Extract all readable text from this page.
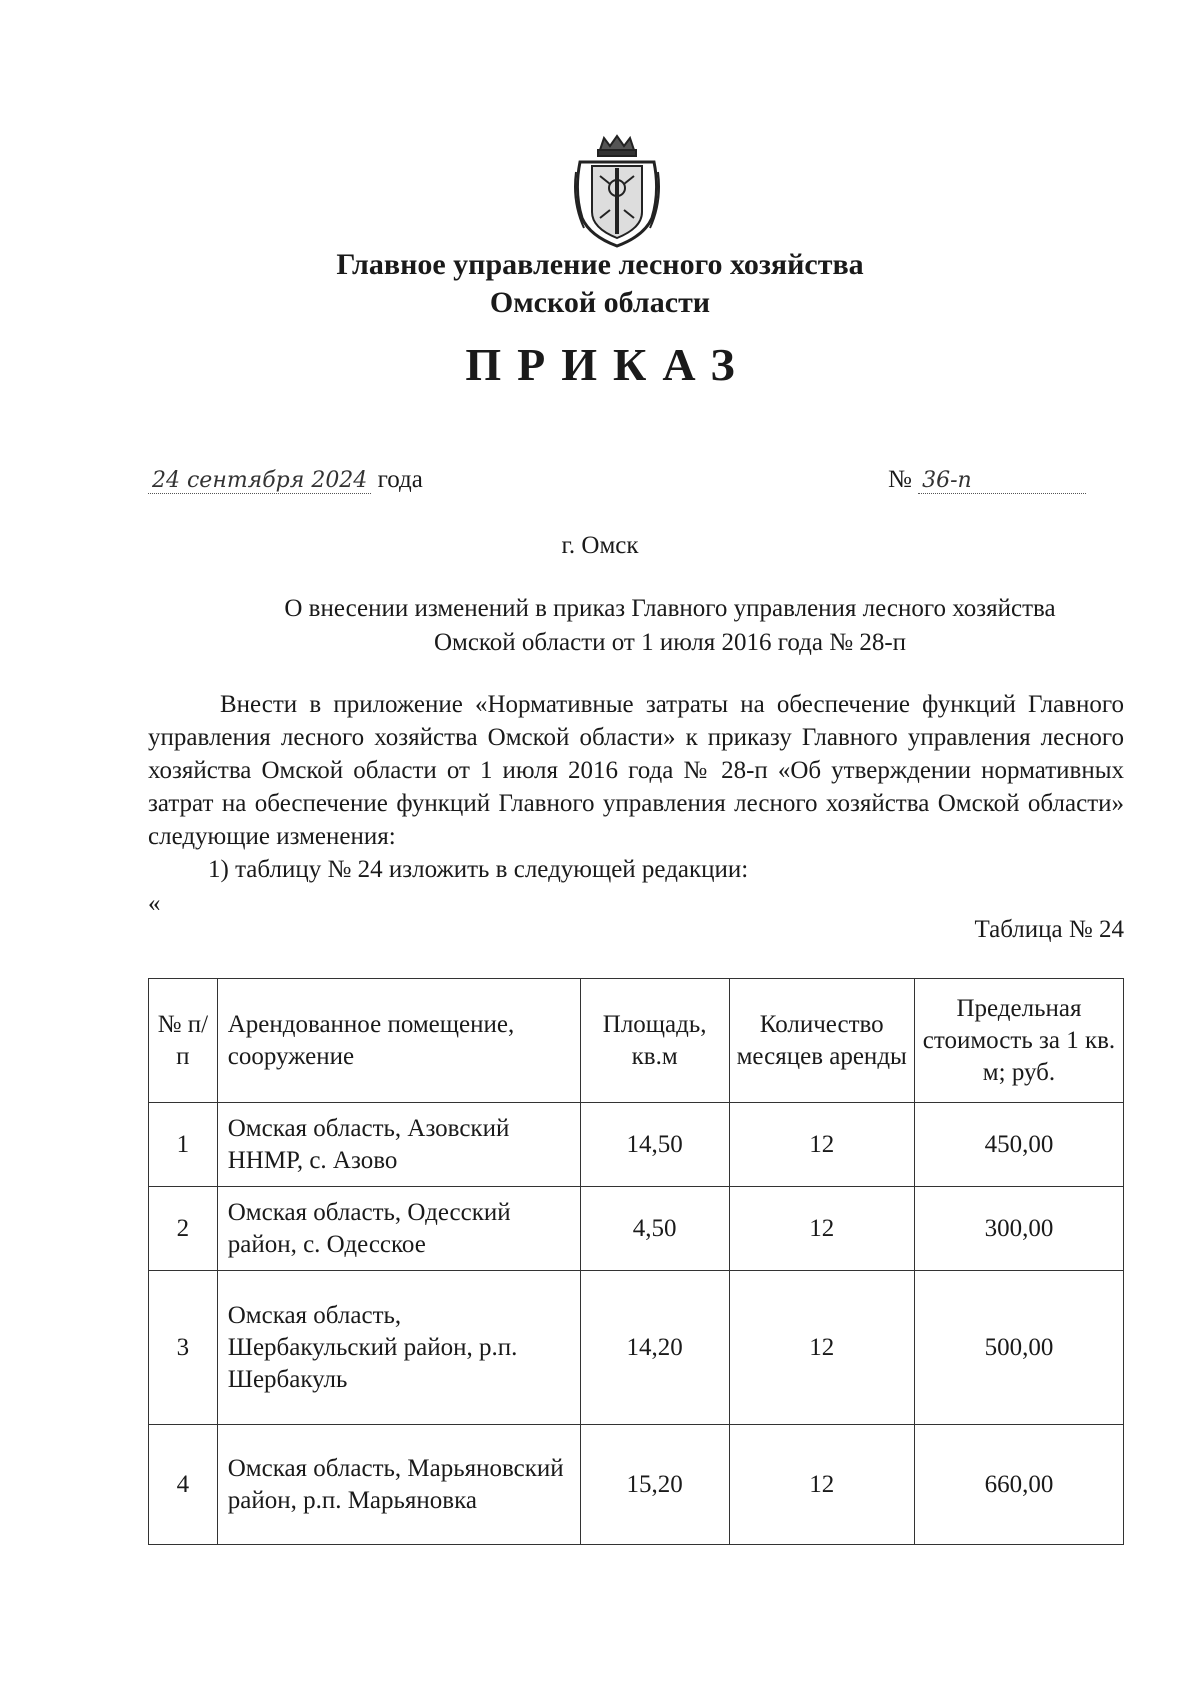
Главное управление лесного хозяйства
Омской области
ПРИКАЗ
24 сентября 2024 года	№ 36-п
г. Омск
О внесении изменений в приказ Главного управления лесного хозяйства
Омской области от 1 июля 2016 года № 28-п

Внести в приложение «Нормативные затраты на обеспечение функций Главного управления лесного хозяйства Омской области» к приказу Главного управления лесного хозяйства Омской области от 1 июля 2016 года № 28-п «Об утверждении нормативных затрат на обеспечение функций Главного управления лесного хозяйства Омской области» следующие изменения:

1) таблицу № 24 изложить в следующей редакции:
«
Таблица № 24
№ п/п	Арендованное помещение, сооружение	Площадь, кв.м	Количество месяцев аренды	Предельная стоимость за 1 кв. м; руб.
1	Омская область, Азовский ННМР, с. Азово	14,50	12	450,00
2	Омская область, Одесский район, с. Одесское	4,50	12	300,00
3	Омская область, Шербакульский район, р.п. Шербакуль	14,20	12	500,00
4	Омская область, Марьяновский район, р.п. Марьяновка	15,20	12	660,00
